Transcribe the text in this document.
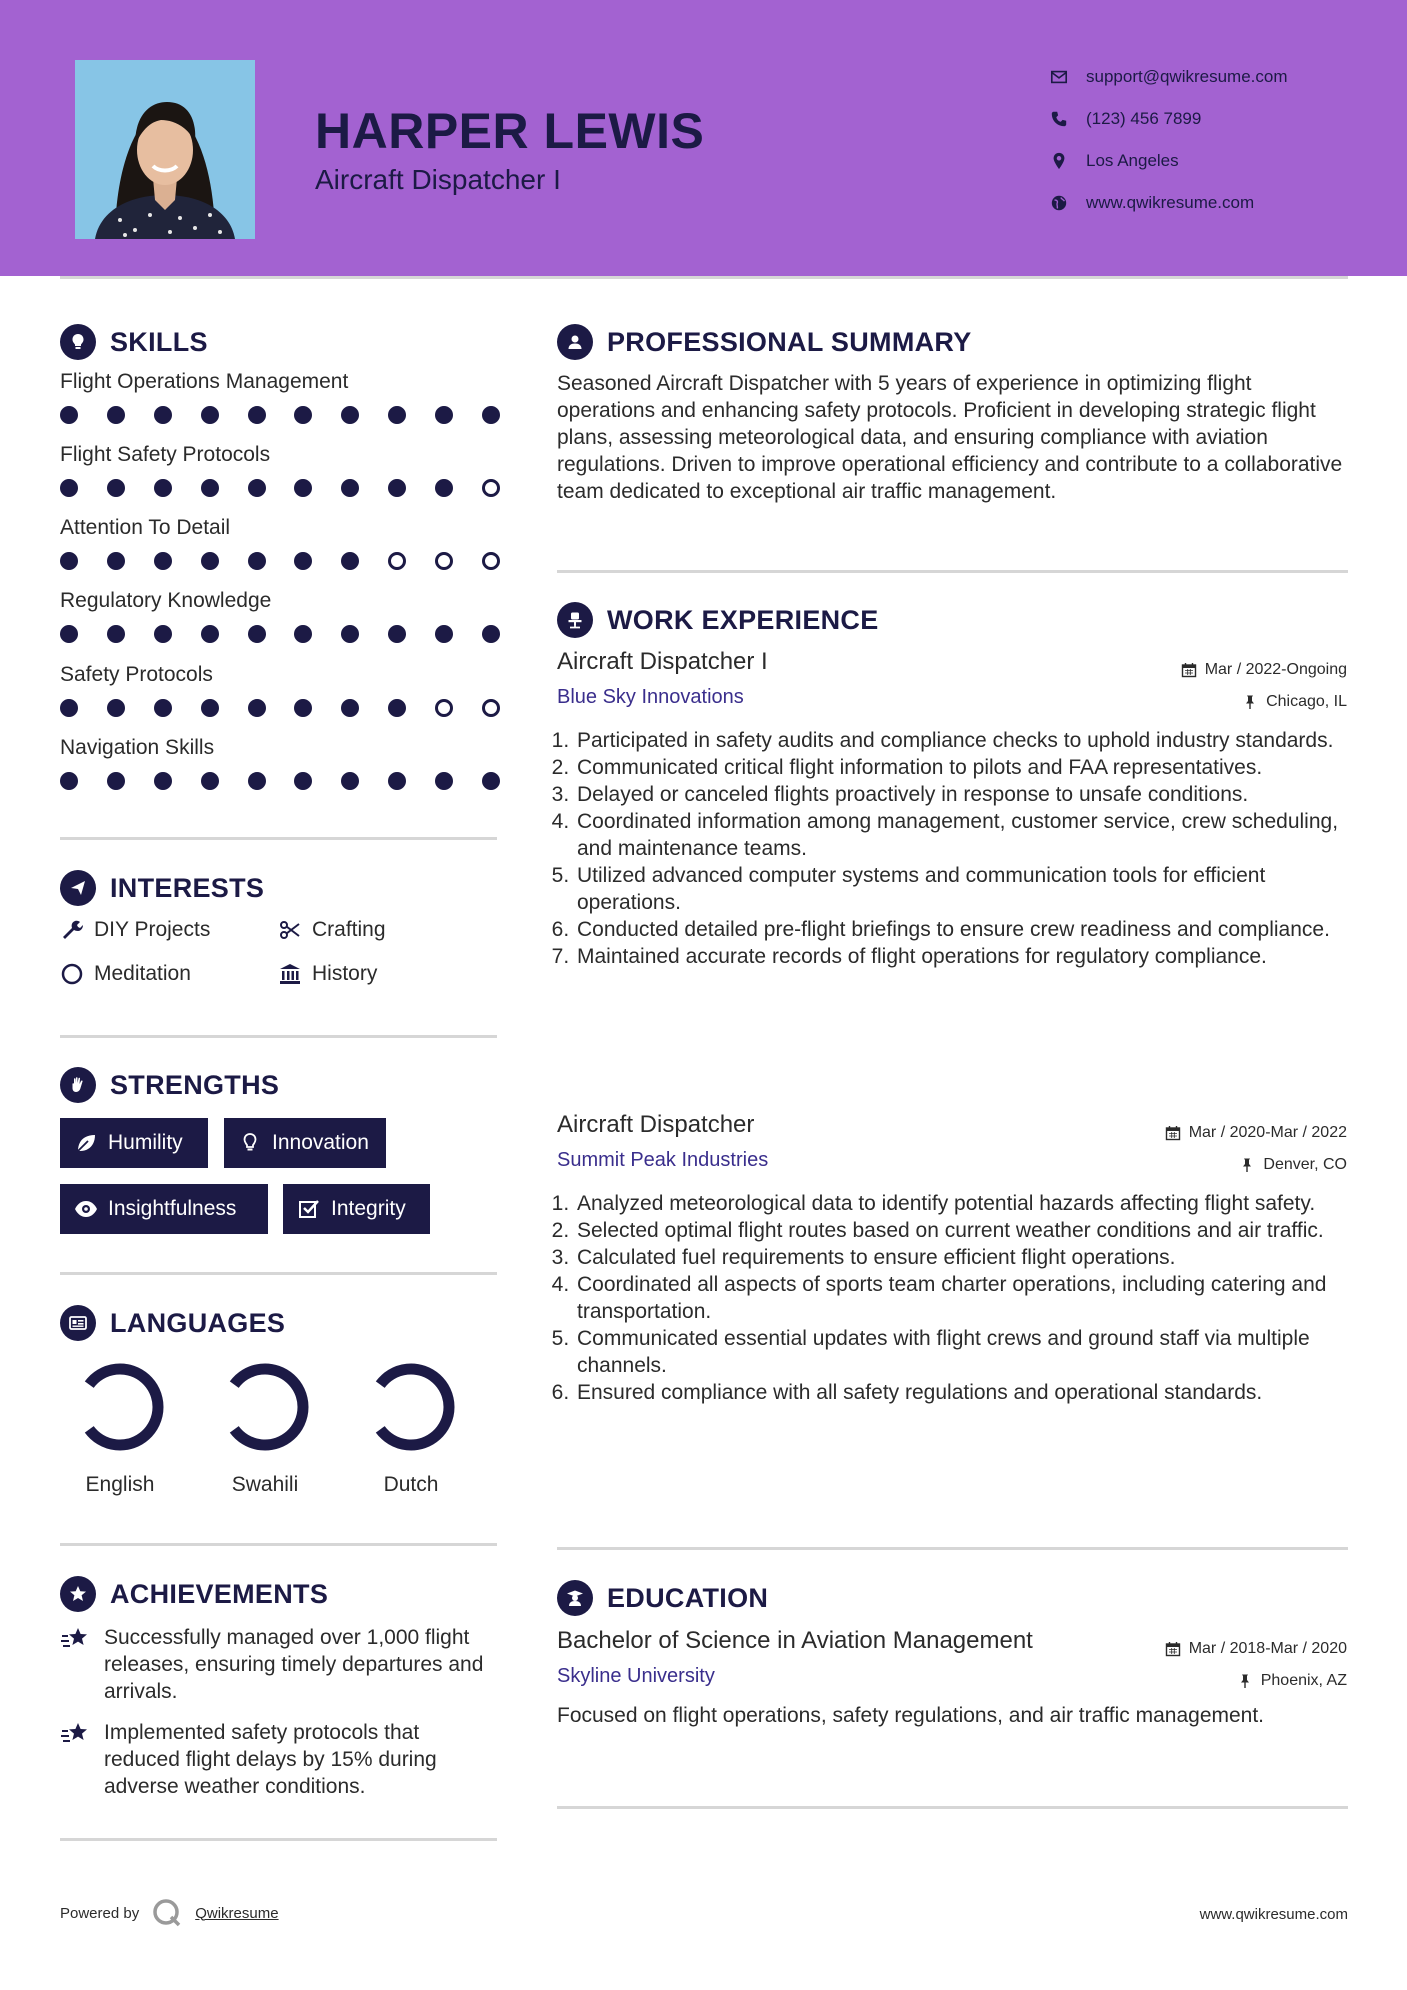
HARPER LEWIS
Aircraft Dispatcher I
support@qwikresume.com
(123) 456 7899
Los Angeles
www.qwikresume.com
SKILLS
Flight Operations Management
Flight Safety Protocols
Attention To Detail
Regulatory Knowledge
Safety Protocols
Navigation Skills
INTERESTS
DIY Projects	Crafting
Meditation	History
STRENGTHS
Humility	Innovation
Insightfulness	Integrity
LANGUAGES
English	Swahili	Dutch
ACHIEVEMENTS
Successfully managed over 1,000 flight releases, ensuring timely departures and arrivals.
Implemented safety protocols that reduced flight delays by 15% during adverse weather conditions.
PROFESSIONAL SUMMARY
Seasoned Aircraft Dispatcher with 5 years of experience in optimizing flight operations and enhancing safety protocols. Proficient in developing strategic flight plans, assessing meteorological data, and ensuring compliance with aviation regulations. Driven to improve operational efficiency and contribute to a collaborative team dedicated to exceptional air traffic management.
WORK EXPERIENCE
Aircraft Dispatcher I
Blue Sky Innovations
Mar / 2022-Ongoing
Chicago, IL
1. Participated in safety audits and compliance checks to uphold industry standards.
2. Communicated critical flight information to pilots and FAA representatives.
3. Delayed or canceled flights proactively in response to unsafe conditions.
4. Coordinated information among management, customer service, crew scheduling, and maintenance teams.
5. Utilized advanced computer systems and communication tools for efficient operations.
6. Conducted detailed pre-flight briefings to ensure crew readiness and compliance.
7. Maintained accurate records of flight operations for regulatory compliance.
Aircraft Dispatcher
Summit Peak Industries
Mar / 2020-Mar / 2022
Denver, CO
1. Analyzed meteorological data to identify potential hazards affecting flight safety.
2. Selected optimal flight routes based on current weather conditions and air traffic.
3. Calculated fuel requirements to ensure efficient flight operations.
4. Coordinated all aspects of sports team charter operations, including catering and transportation.
5. Communicated essential updates with flight crews and ground staff via multiple channels.
6. Ensured compliance with all safety regulations and operational standards.
EDUCATION
Bachelor of Science in Aviation Management
Skyline University
Mar / 2018-Mar / 2020
Phoenix, AZ
Focused on flight operations, safety regulations, and air traffic management.
Powered by	Qwikresume	www.qwikresume.com
